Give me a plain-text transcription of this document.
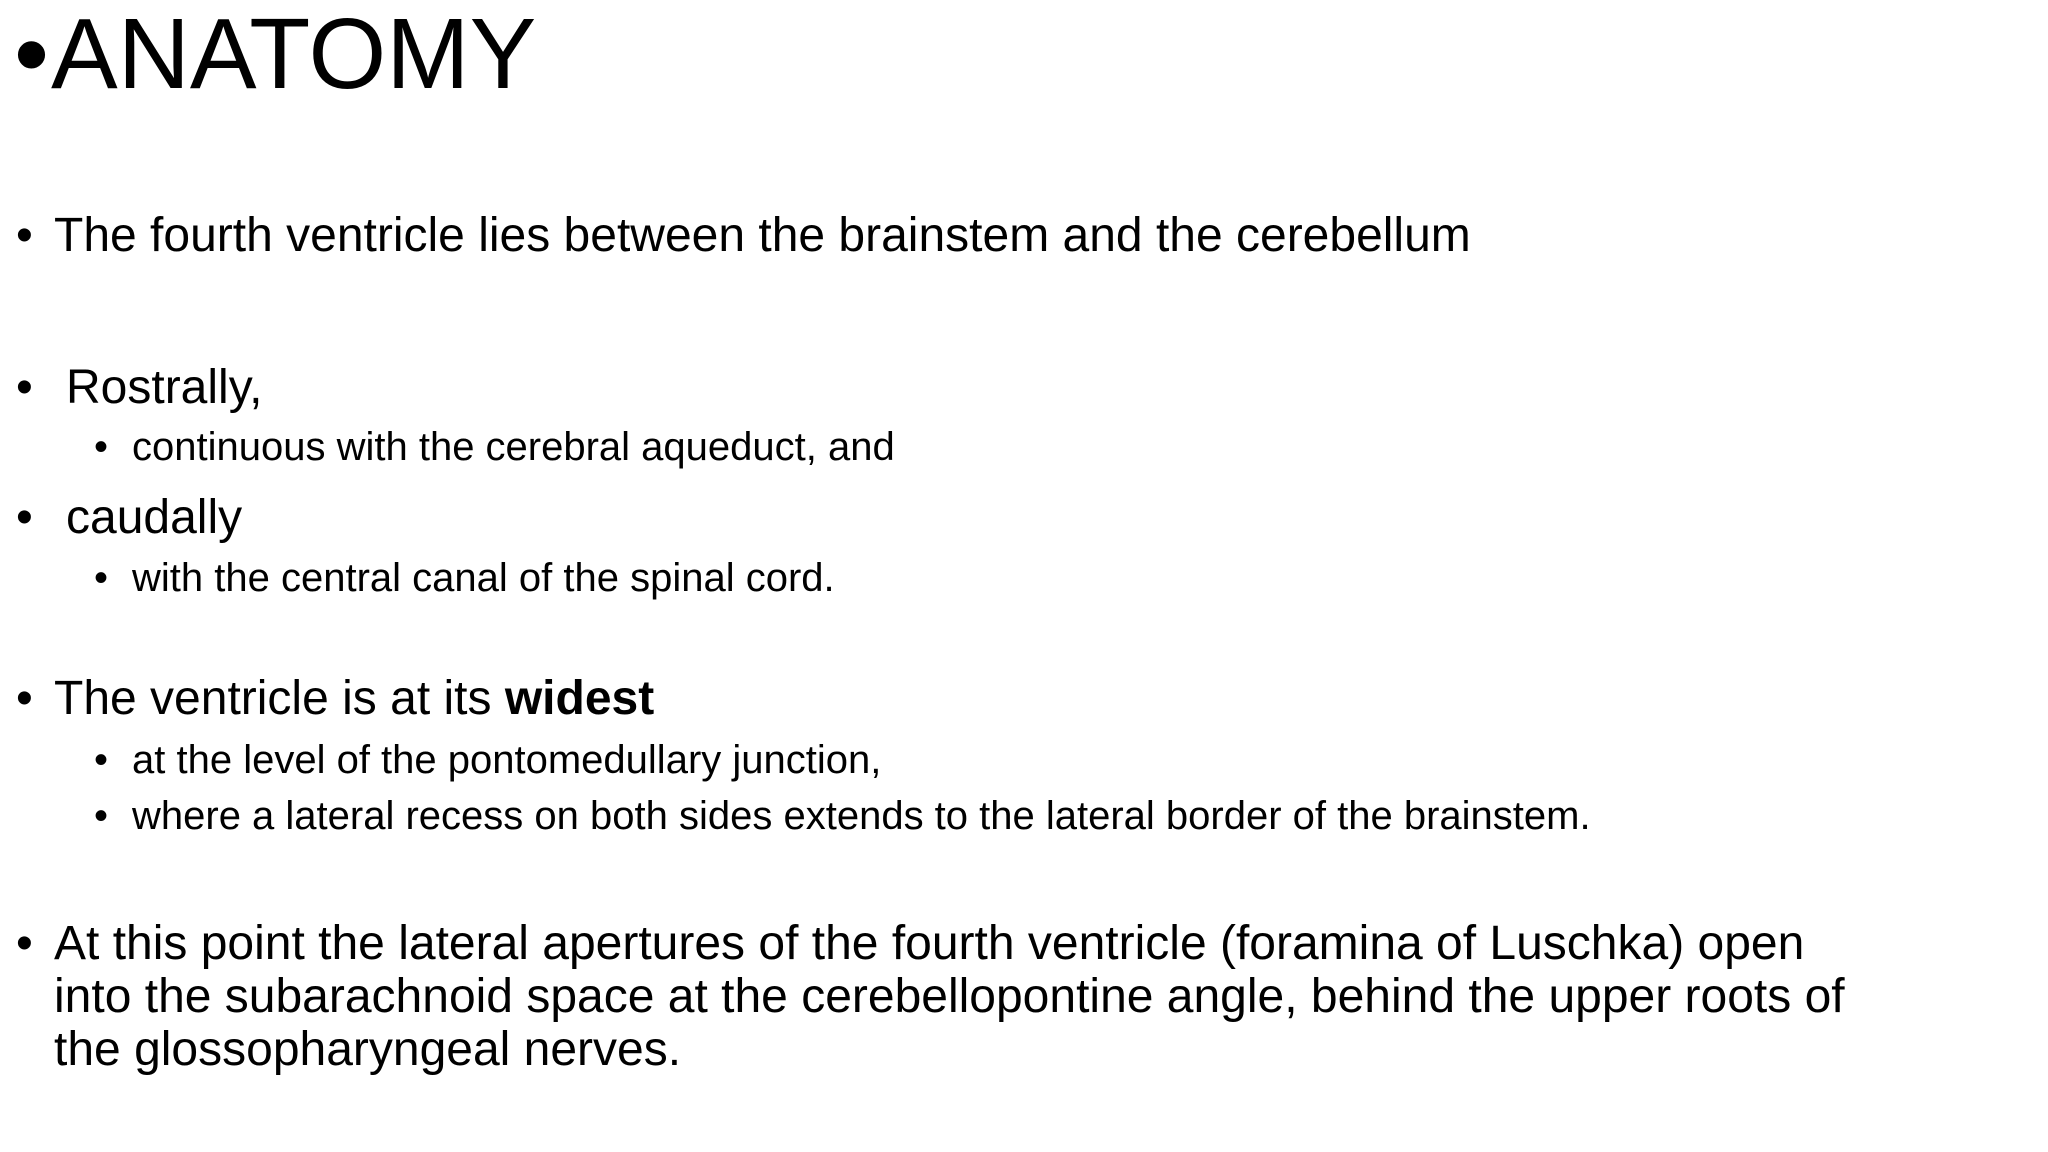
•ANATOMY
• The fourth ventricle lies between the brainstem and the cerebellum
• Rostrally,
• continuous with the cerebral aqueduct, and
• caudally
• with the central canal of the spinal cord.
• The ventricle is at its widest
• at the level of the pontomedullary junction,
• where a lateral recess on both sides extends to the lateral border of the brainstem.
• At this point the lateral apertures of the fourth ventricle (foramina of Luschka) open
into the subarachnoid space at the cerebellopontine angle, behind the upper roots of
the glossopharyngeal nerves.
